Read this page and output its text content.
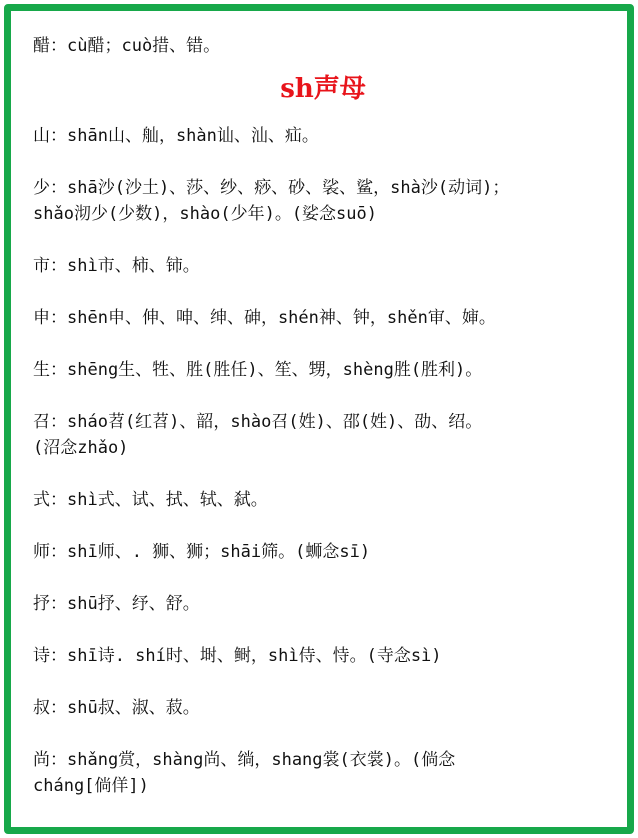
醋：cù醋；cuò措、错。

sh声母

山：shān山、舢，shàn讪、汕、疝。

少：shā沙(沙土)、莎、纱、痧、砂、裟、鲨，shà沙(动词)；

shǎo沏少(少数)，shào(少年)。(娑念suō)

市：shì市、柿、铈。

申：shēn申、伸、呻、绅、砷，shén神、钟，shěn审、婶。

生：shēng生、牲、胜(胜任)、笙、甥，shèng胜(胜利)。

召：sháo苕(红苕)、韶，shào召(姓)、邵(姓)、劭、绍。

(沼念zhǎo)

式：shì式、试、拭、轼、弑。

师：shī师、. 狮、狮；shāi筛。(蛳念sī)

抒：shū抒、纾、舒。

诗：shī诗. shí时、埘、鲥，shì侍、恃。(寺念sì)

叔：shū叔、淑、菽。

尚：shǎng赏，shàng尚、绱，shang裳(衣裳)。(倘念

cháng[倘佯])
